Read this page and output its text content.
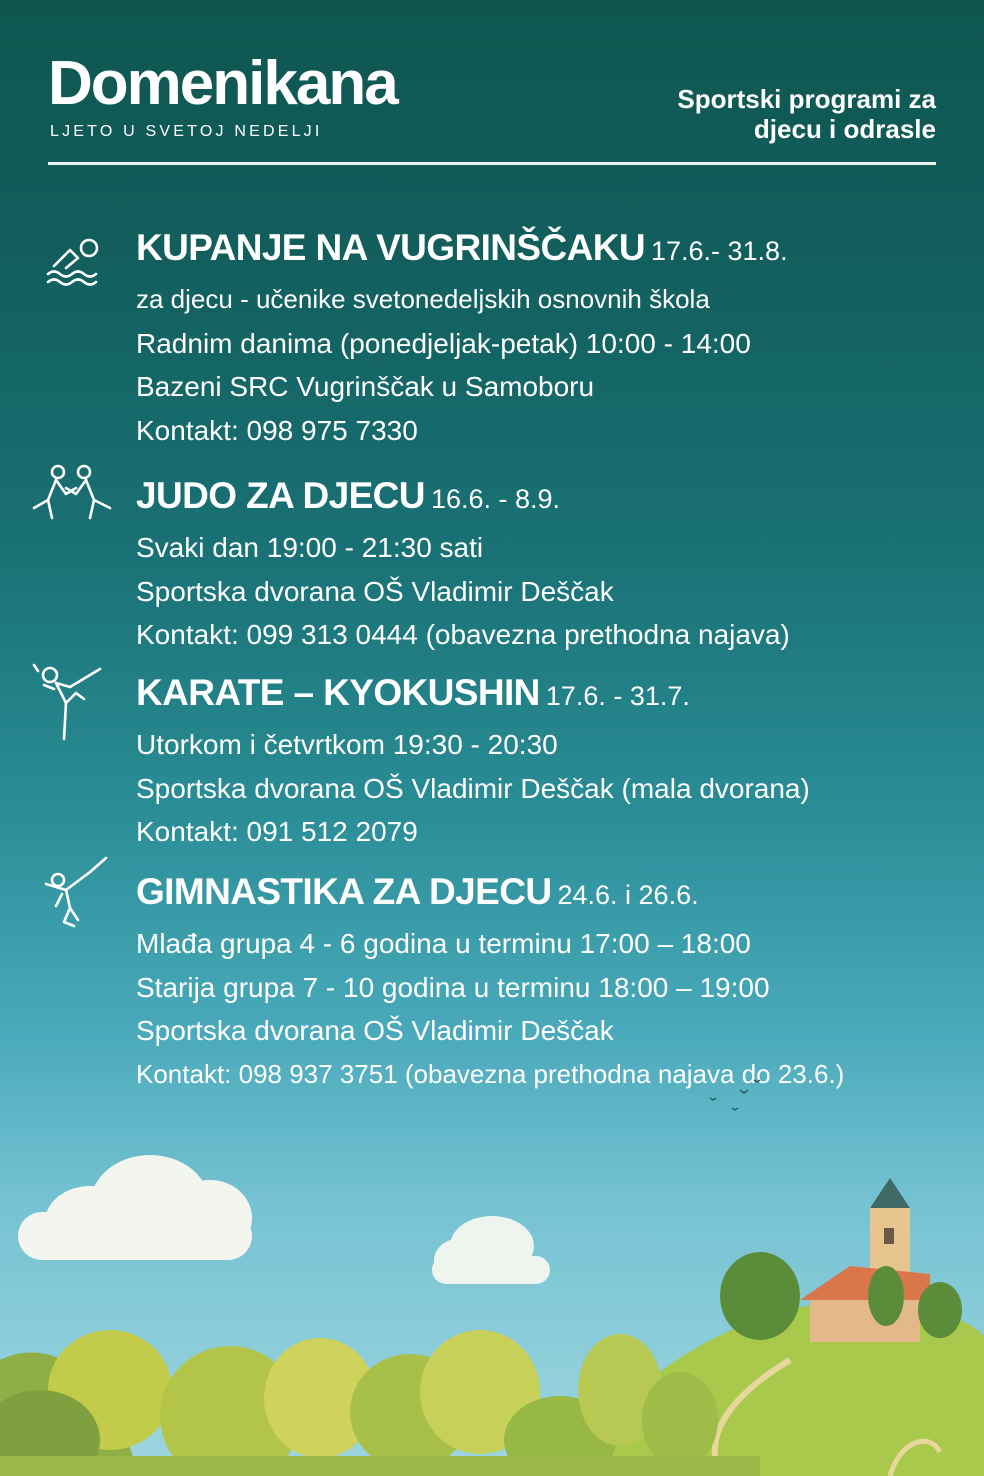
Domenikana
LJETO U SVETOJ NEDELJI
Sportski programi za
djecu i odrasle
KUPANJE NA VUGRINŠČAKU 17.6.- 31.8.
za djecu - učenike svetonedeljskih osnovnih škola
Radnim danima (ponedjeljak-petak) 10:00 - 14:00
Bazeni SRC Vugrinščak u Samoboru
Kontakt: 098 975 7330
JUDO ZA DJECU 16.6. - 8.9.
Svaki dan 19:00 - 21:30 sati
Sportska dvorana OŠ Vladimir Deščak
Kontakt: 099 313 0444 (obavezna prethodna najava)
KARATE – KYOKUSHIN 17.6. - 31.7.
Utorkom i četvrtkom 19:30 - 20:30
Sportska dvorana OŠ Vladimir Deščak (mala dvorana)
Kontakt: 091 512 2079
GIMNASTIKA ZA DJECU 24.6. i 26.6.
Mlađa grupa 4 - 6 godina u terminu 17:00 – 18:00
Starija grupa 7 - 10 godina u terminu 18:00 – 19:00
Sportska dvorana OŠ Vladimir Deščak
Kontakt: 098 937 3751 (obavezna prethodna najava do 23.6.)
